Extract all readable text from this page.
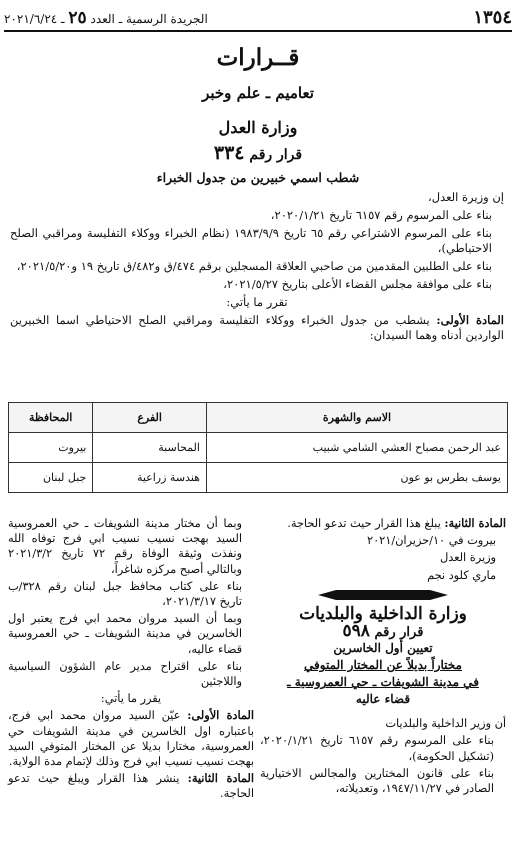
١٣٥٤
الجريدة الرسمية ـ العدد ٢٥ ـ ٢٠٢١/٦/٢٤
قــرارات
تعاميم ـ علم وخبر
وزارة العدل
قرار رقم ٣٣٤
شطب اسمي خبيرين من جدول الخبراء

إن وزيرة العدل،

بناء على المرسوم رقم ٦١٥٧ تاريخ ٢٠٢٠/١/٢١،

بناء على المرسوم الاشتراعي رقم ٦٥ تاريخ ١٩٨٣/٩/٩ (نظام الخبراء ووكلاء التفليسة ومراقبي الصلح الاحتياطي)،

بناء على الطلبين المقدمين من صاحبي العلاقة المسجلين برقم ٤٧٤/ق و٤٨٢/ق تاريخ ١٩ و٢٠٢١/٥/٢٠،

بناء على موافقة مجلس القضاء الأعلى بتاريخ ٢٠٢١/٥/٢٧،

تقرر ما يأتي:

المادة الأولى: يشطب من جدول الخبراء ووكلاء التفليسة ومراقبي الصلح الاحتياطي اسما الخبيرين الواردين أدناه وهما السيدان:

الاسم والشهرة	الفرع	المحافظة
عبد الرحمن مصباح العشي الشامي شبيب	المحاسبة	بيروت
يوسف بطرس بو عون	هندسة زراعية	جبل لبنان

المادة الثانية: يبلغ هذا القرار حيث تدعو الحاجة.

بيروت في ١٠/حزيران/٢٠٢١

وزيرة العدل

ماري كلود نجم

وزارة الداخلية والبلديات
قرار رقم ٥٩٨
تعيين أول الخاسرين
مختاراً بديلاً عن المختار المتوفي
في مدينة الشويفات ـ حي العمروسية ـ
قضاء عاليه

أن وزير الداخلية والبلديات

بناء على المرسوم رقم ٦١٥٧ تاريخ ٢٠٢٠/١/٢١، (تشكيل الحكومة)،

بناء على قانون المختارين والمجالس الاختيارية الصادر في ١٩٤٧/١١/٢٧، وتعديلاته،

وبما أن مختار مدينة الشويفات ـ حي العمروسية السيد بهجت نسيب نسيب ابي فرج توفاه الله ونفذت وثيقة الوفاة رقم ٧٢ تاريخ ٢٠٢١/٣/٢ وبالتالي أصبح مركزه شاغراً،

بناء على كتاب محافظ جبل لبنان رقم ٣٢٨/ب تاريخ ٢٠٢١/٣/١٧،

وبما أن السيد مروان محمد ابي فرج يعتبر اول الخاسرين في مدينة الشويفات ـ حي العمروسية قضاء عاليه،

بناء على اقتراح مدير عام الشؤون السياسية واللاجئين

يقرر ما يأتي:

المادة الأولى: عيّن السيد مروان محمد ابي فرج، باعتباره اول الخاسرين في مدينة الشويفات حي العمروسية، مختارا بديلا عن المختار المتوفي السيد بهجت نسيب نسيب ابي فرج وذلك لإتمام مدة الولاية.

المادة الثانية: ينشر هذا القرار ويبلغ حيث تدعو الحاجة.
